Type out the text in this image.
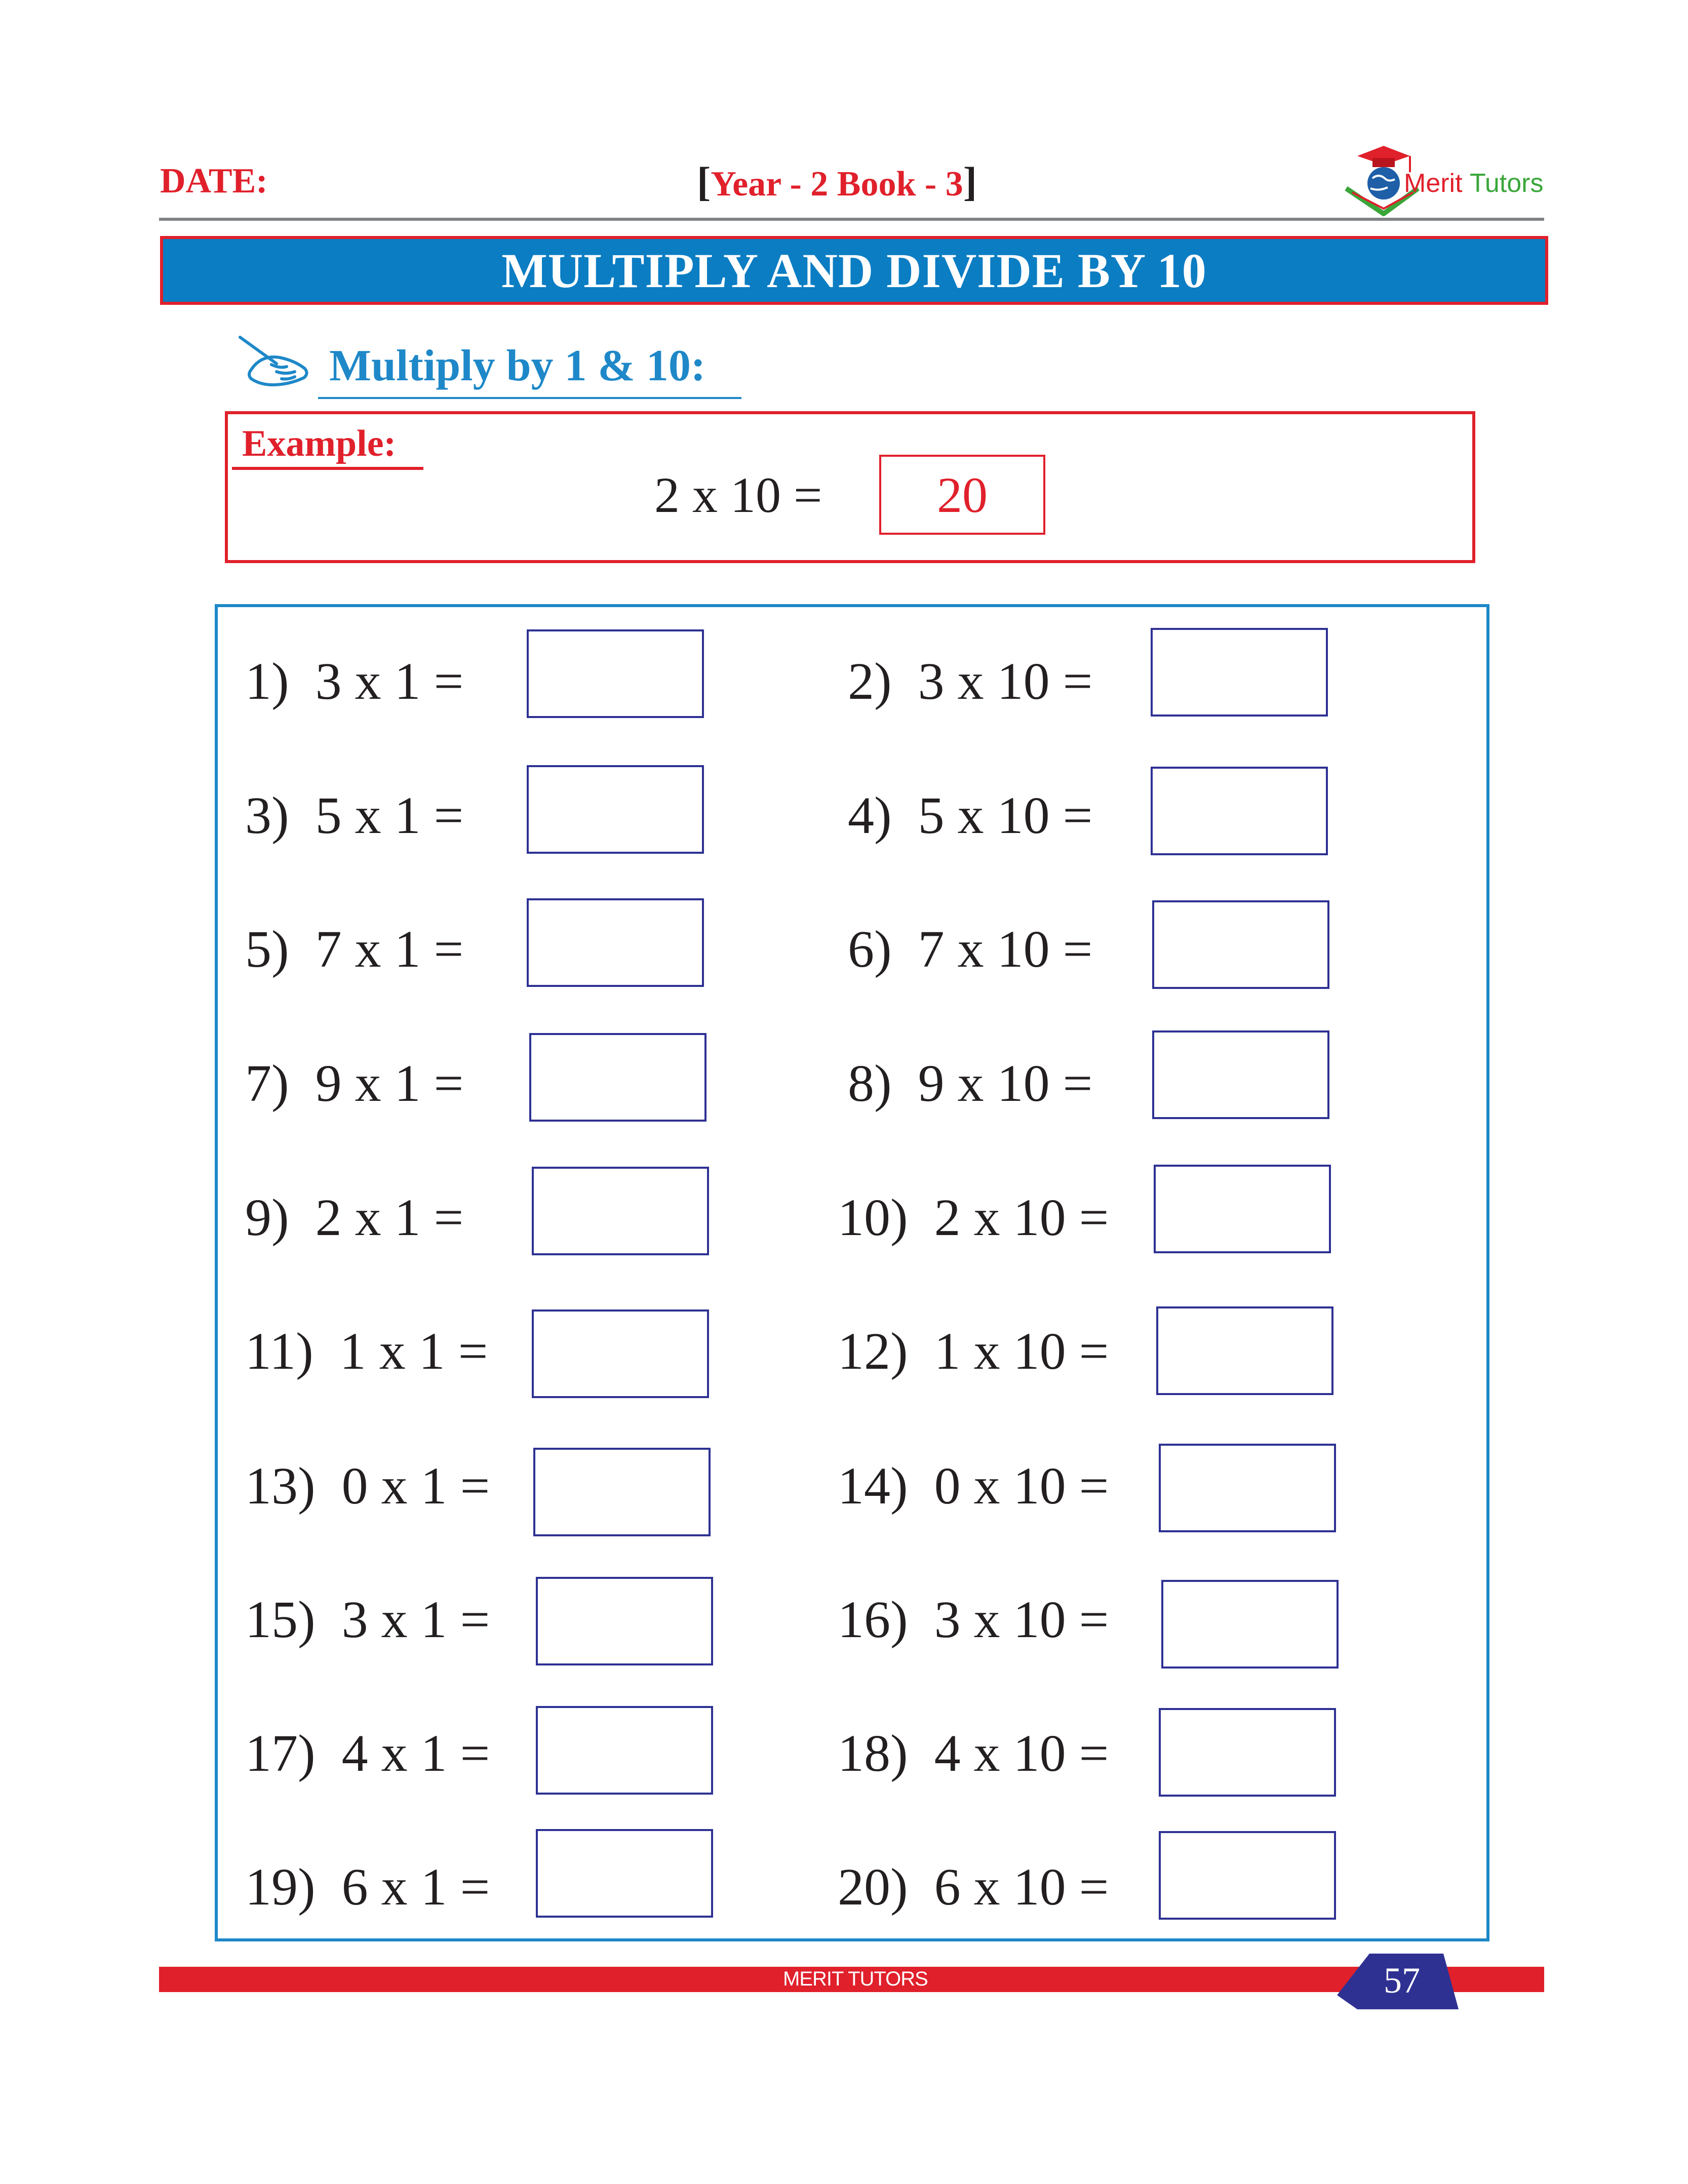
DATE:	[Year - 2 Book - 3]	Merit Tutors
MULTIPLY AND DIVIDE BY 10
Multiply by 1 & 10:
Example:
2 x 10 =	20
1)  3 x 1 =	2)  3 x 10 =
3)  5 x 1 =	4)  5 x 10 =
5)  7 x 1 =	6)  7 x 10 =
7)  9 x 1 =	8)  9 x 10 =
9)  2 x 1 =	10)  2 x 10 =
11)  1 x 1 =	12)  1 x 10 =
13)  0 x 1 =	14)  0 x 10 =
15)  3 x 1 =	16)  3 x 10 =
17)  4 x 1 =	18)  4 x 10 =
19)  6 x 1 =	20)  6 x 10 =
MERIT TUTORS	57
